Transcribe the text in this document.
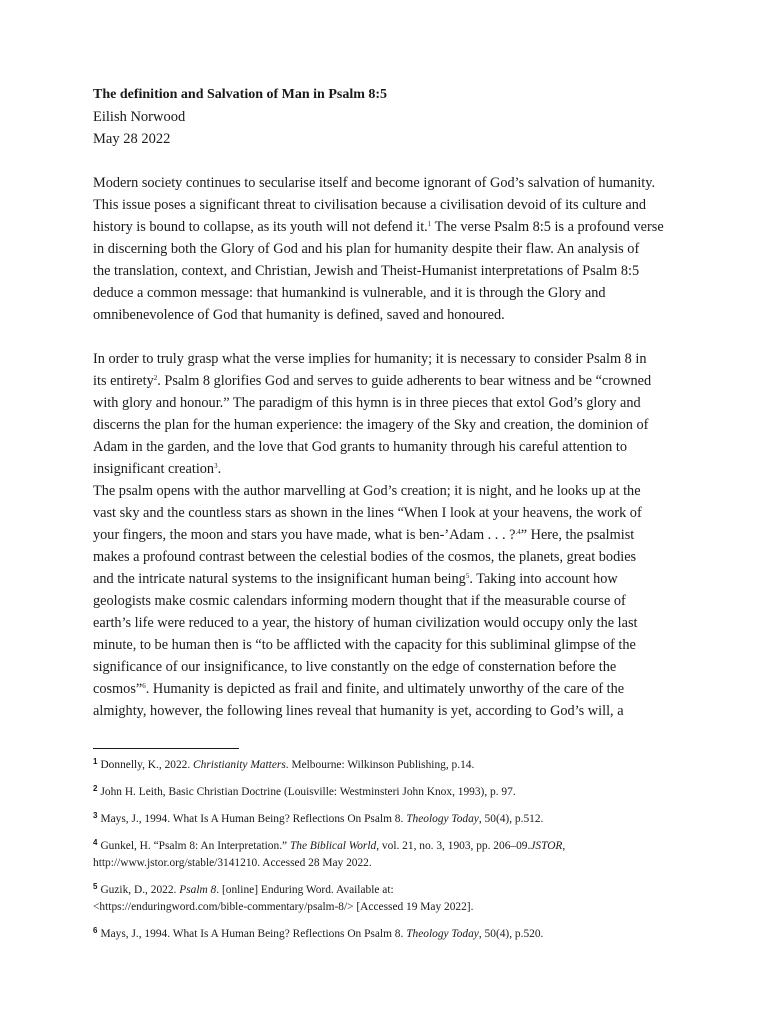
The definition and Salvation of Man in Psalm 8:5

Eilish Norwood

May 28 2022

Modern society continues to secularise itself and become ignorant of God’s salvation of humanity.
This issue poses a significant threat to civilisation because a civilisation devoid of its culture and
history is bound to collapse, as its youth will not defend it.$^1$ The verse Psalm 8:5 is a profound verse
in discerning both the Glory of God and his plan for humanity despite their flaw. An analysis of
the translation, context, and Christian, Jewish and Theist-Humanist interpretations of Psalm 8:5
deduce a common message: that humankind is vulnerable, and it is through the Glory and
omnibenevolence of God that humanity is defined, saved and honoured.

In order to truly grasp what the verse implies for humanity; it is necessary to consider Psalm 8 in
its entirety$^2$. Psalm 8 glorifies God and serves to guide adherents to bear witness and be “crowned
with glory and honour.” The paradigm of this hymn is in three pieces that extol God’s glory and
discerns the plan for the human experience: the imagery of the Sky and creation, the dominion of
Adam in the garden, and the love that God grants to humanity through his careful attention to
insignificant creation$^3$.

The psalm opens with the author marvelling at God’s creation; it is night, and he looks up at the
vast sky and the countless stars as shown in the lines “When I look at your heavens, the work of
your fingers, the moon and stars you have made, what is ben-’Adam . . . ?$^{.4}$” Here, the psalmist
makes a profound contrast between the celestial bodies of the cosmos, the planets, great bodies
and the intricate natural systems to the insignificant human being$^5$. Taking into account how
geologists make cosmic calendars informing modern thought that if the measurable course of
earth’s life were reduced to a year, the history of human civilization would occupy only the last
minute, to be human then is “to be afflicted with the capacity for this subliminal glimpse of the
significance of our insignificance, to live constantly on the edge of consternation before the
cosmos”$^6$. Humanity is depicted as frail and finite, and ultimately unworthy of the care of the
almighty, however, the following lines reveal that humanity is yet, according to God’s will, a

$^1$ Donnelly, K., 2022. Christianity Matters. Melbourne: Wilkinson Publishing, p.14.

$^2$ John H. Leith, Basic Christian Doctrine (Louisville: Westminsteri John Knox, 1993), p. 97.

$^3$ Mays, J., 1994. What Is A Human Being? Reflections On Psalm 8. Theology Today, 50(4), p.512.

$^4$ Gunkel, H. “Psalm 8: An Interpretation.” The Biblical World, vol. 21, no. 3, 1903, pp. 206–09.JSTOR,
http://www.jstor.org/stable/3141210. Accessed 28 May 2022.

$^5$ Guzik, D., 2022. Psalm 8. [online] Enduring Word. Available at:
<https://enduringword.com/bible-commentary/psalm-8/> [Accessed 19 May 2022].

$^6$ Mays, J., 1994. What Is A Human Being? Reflections On Psalm 8. Theology Today, 50(4), p.520.
